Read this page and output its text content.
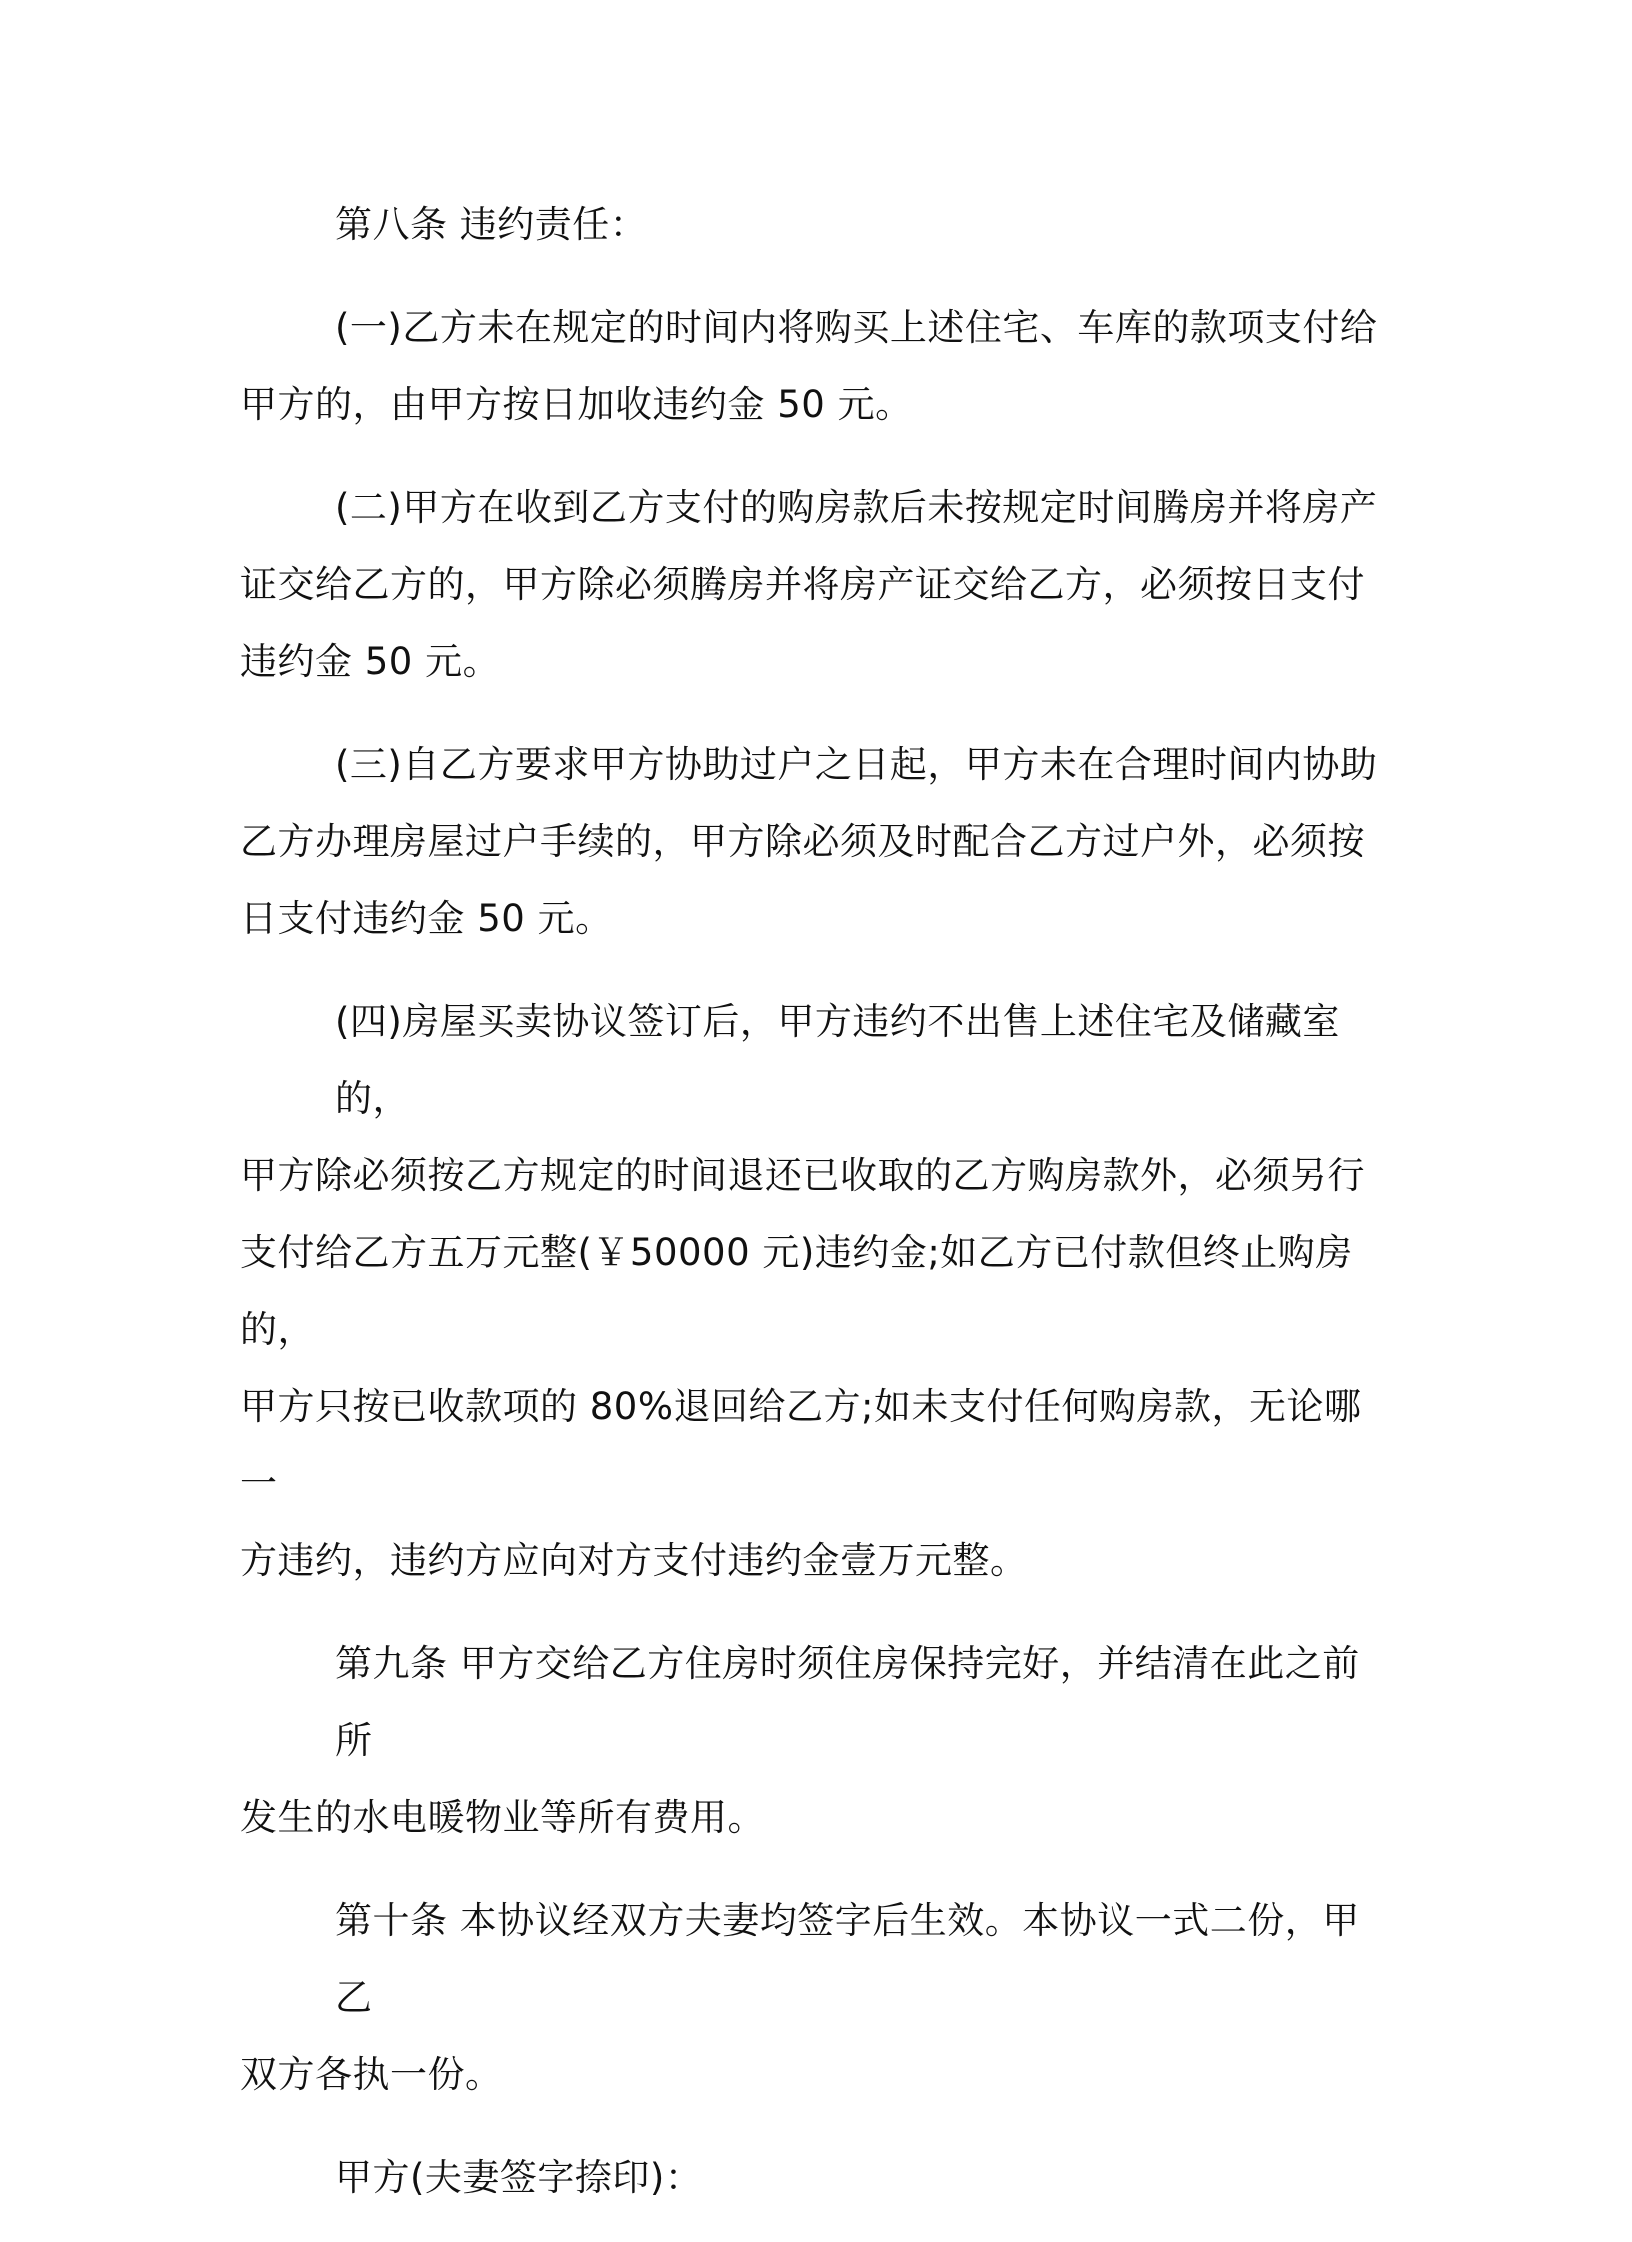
第八条 违约责任：
(一)乙方未在规定的时间内将购买上述住宅、车库的款项支付给
甲方的，由甲方按日加收违约金 50 元。
(二)甲方在收到乙方支付的购房款后未按规定时间腾房并将房产
证交给乙方的，甲方除必须腾房并将房产证交给乙方，必须按日支付
违约金 50 元。
(三)自乙方要求甲方协助过户之日起，甲方未在合理时间内协助
乙方办理房屋过户手续的，甲方除必须及时配合乙方过户外，必须按
日支付违约金 50 元。
(四)房屋买卖协议签订后，甲方违约不出售上述住宅及储藏室的，
甲方除必须按乙方规定的时间退还已收取的乙方购房款外，必须另行
支付给乙方五万元整(￥50000 元)违约金;如乙方已付款但终止购房的，
甲方只按已收款项的 80%退回给乙方;如未支付任何购房款，无论哪一
方违约，违约方应向对方支付违约金壹万元整。
第九条 甲方交给乙方住房时须住房保持完好，并结清在此之前所
发生的水电暖物业等所有费用。
第十条 本协议经双方夫妻均签字后生效。本协议一式二份，甲乙
双方各执一份。
甲方(夫妻签字捺印)：
